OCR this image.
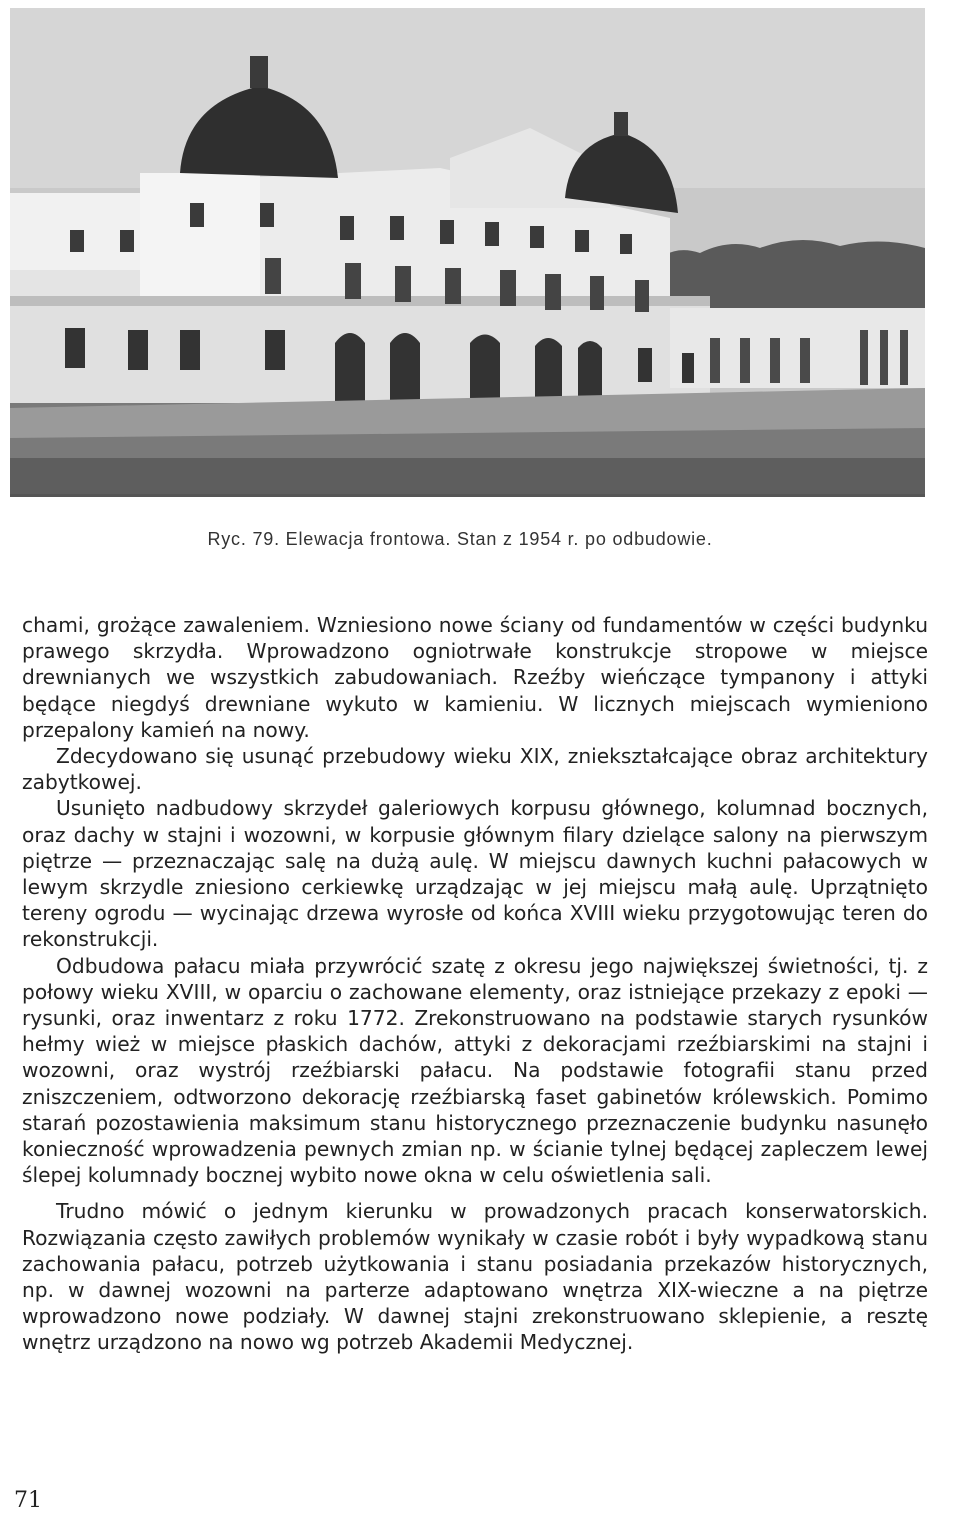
Ryc. 79. Elewacja frontowa. Stan z 1954 r. po odbudowie.

chami, grożące zawaleniem. Wzniesiono nowe ściany od fundamentów w części budynku prawego skrzydła. Wprowadzono ogniotrwałe konstrukcje stropowe w miejsce drewnianych we wszystkich zabudowaniach. Rzeźby wieńczące tympanony i attyki będące niegdyś drewniane wykuto w kamieniu. W licznych miejscach wymieniono przepalony kamień na nowy.

Zdecydowano się usunąć przebudowy wieku XIX, zniekształcające obraz architektury zabytkowej.

Usunięto nadbudowy skrzydeł galeriowych korpusu głównego, kolumnad bocznych, oraz dachy w stajni i wozowni, w korpusie głównym filary dzielące salony na pierwszym piętrze — przeznaczając salę na dużą aulę. W miejscu dawnych kuchni pałacowych w lewym skrzydle zniesiono cerkiewkę urządzając w jej miejscu małą aulę. Uprzątnięto tereny ogrodu — wycinając drzewa wyrosłe od końca XVIII wieku przygotowując teren do rekonstrukcji.

Odbudowa pałacu miała przywrócić szatę z okresu jego największej świetności, tj. z połowy wieku XVIII, w oparciu o zachowane elementy, oraz istniejące przekazy z epoki — rysunki, oraz inwentarz z roku 1772. Zrekonstruowano na podstawie starych rysunków hełmy wież w miejsce płaskich dachów, attyki z dekoracjami rzeźbiarskimi na stajni i wozowni, oraz wystrój rzeźbiarski pałacu. Na podstawie fotografii stanu przed zniszczeniem, odtworzono dekorację rzeźbiarską faset gabinetów królewskich. Pomimo starań pozostawienia maksimum stanu historycznego przeznaczenie budynku nasunęło konieczność wprowadzenia pewnych zmian np. w ścianie tylnej będącej zapleczem lewej ślepej kolumnady bocznej wybito nowe okna w celu oświetlenia sali.

Trudno mówić o jednym kierunku w prowadzonych pracach konserwatorskich. Rozwiązania często zawiłych problemów wynikały w czasie robót i były wypadkową stanu zachowania pałacu, potrzeb użytkowania i stanu posiadania przekazów historycznych, np. w dawnej wozowni na parterze adaptowano wnętrza XIX-wieczne a na piętrze wprowadzono nowe podziały. W dawnej stajni zrekonstruowano sklepienie, a resztę wnętrz urządzono na nowo wg potrzeb Akademii Medycznej.

71
